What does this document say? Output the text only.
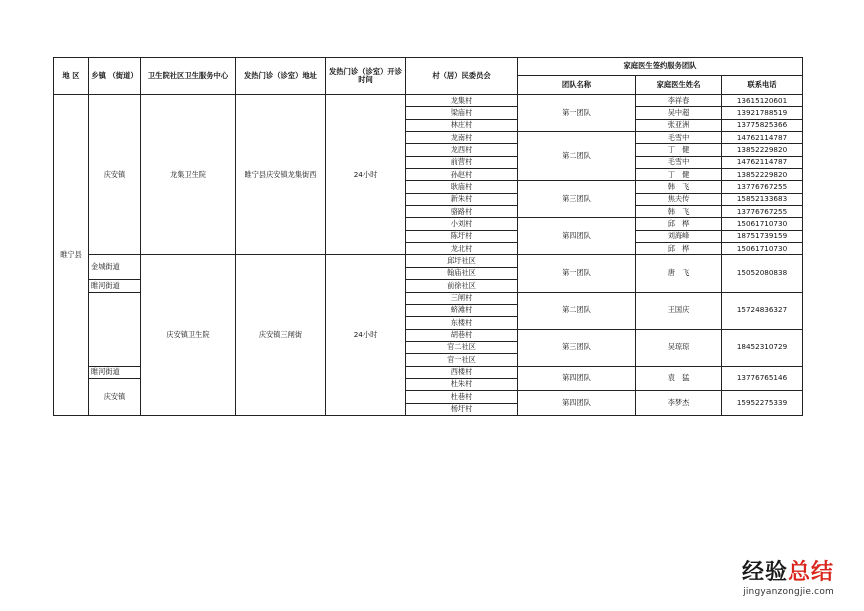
地 区	乡镇 （街道）	卫生院社区卫生服务中心	发热门诊（诊室）地址	发热门诊（诊室）开诊时间	村（居）民委员会	家庭医生签约服务团队		
						团队名称	家庭医生姓名	联系电话
睢宁县	庆安镇	龙集卫生院	睢宁县庆安镇龙集街西	24小时	龙集村	第一团队	李祥春	13615120601
					梁庙村		吴中超	13921788519
					林庄村		张亚洲	13775825366
					龙南村	第二团队	毛雪中	14762114787
					龙西村		丁　健	13852229820
					前营村		毛雪中	14762114787
					孙赵村		丁　健	13852229820
					耿庙村	第三团队	韩　飞	13776767255
					新朱村		焦夫传	15852133683
					骆路村		韩　飞	13776767255
					小刘村	第四团队	邱　桦	15061710730
					陈圩村		刘海峰	18751739159
					龙北村		邱　桦	15061710730
	金城街道	庆安镇卫生院	庆安镇三闸街	24小时	邱圩社区	第一团队	唐　飞	15052080838
					翰庙社区			
	睢河街道				前徐社区			
					三闸村	第二团队	王国庆	15724836327
					蛴滩村			
					东楼村			
					胡巷村	第三团队	吴琼琼	18452310729
					官二社区			
					官一社区			
	睢河街道				西楼村	第四团队	袁　猛	13776765146
	庆安镇				杜朱村			
					杜巷村	第四团队	李梦杰	15952275339
					杨圩村			
经验总结
jingyanzongjie.com
